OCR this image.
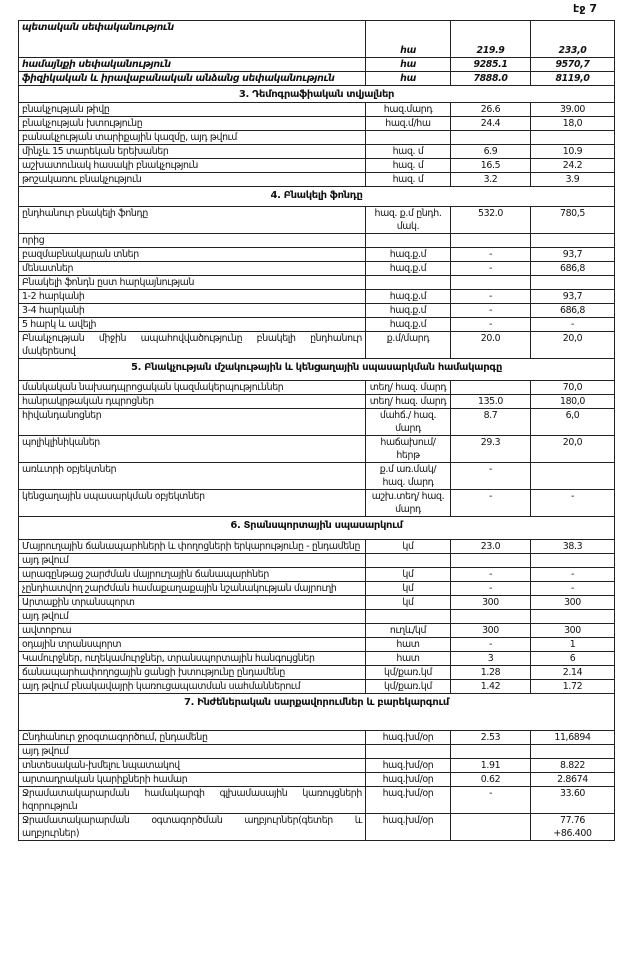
էջ 7
պետական սեփականություն	հա	219.9	233,0
համայնքի սեփականություն	հա	9285.1	9570,7
ֆիզիկական և իրավաբանական անձանց սեփականություն	հա	7888.0	8119,0
3. Դեմոգրաֆիական տվյալներ			
բնակչության թիվը	հազ.մարդ	26.6	39.00
բնակչության խտությունը	հազ.մ/հա	24.4	18,0
բանակչության տարիքային կազմը, այդ թվում			
մինչև 15 տարեկան երեխաներ	հազ. մ	6.9	10.9
աշխատունակ հասակի բնակչություն	հազ. մ	16.5	24.2
թոշակառու բնակչություն	հազ. մ	3.2	3.9
4. Բնակելի ֆոնդը			
ընդհանուր բնակելի ֆոնդը	հազ. ք.մ ընդհ. մակ.	532.0	780,5
որից			
բազմաբնակարան տներ	հազ.ք.մ	-	93,7
մենատներ	հազ.ք.մ	-	686,8
Բնակելի ֆոնդն ըստ հարկայնության			
1-2 հարկանի	հազ.ք.մ	-	93,7
3-4 հարկանի	հազ.ք.մ	-	686,8
5 հարկ և ավելի	հազ.ք.մ	-	-
Բնակչության միջին ապահովվածությունը բնակելի ընդհանուր մակերեսով	ք.մ/մարդ	20.0	20,0
5. Բնակչության մշակութային և կենցաղային սպասարկման համակարգը			
մանկական նախադպրոցական կազմակերպություններ	տեղ/ հազ. մարդ		70,0
հանրակրթական դպրոցներ	տեղ/ հազ. մարդ	135.0	180,0
հիվանդանոցներ	մահճ./ հազ. մարդ	8.7	6,0
պոլիկլինիկաներ	հաճախում/ հերթ	29.3	20,0
առևտրի օբյեկտներ	ք.մ առ.մակ/ հազ. մարդ	-	
կենցաղային սպասարկման օբյեկտներ	աշխ.տեղ/ հազ. մարդ	-	-
6. Տրանսպորտային սպասարկում			
Մայրուղային ճանապարհների և փողոցների երկարությունը - ընդամենը	կմ	23.0	38.3
այդ թվում			
արագընթաց շարժման մայրուղային ճանապարհներ	կմ	-	-
չընդհատվող շարժման համաքաղաքային նշանակության մայրուղի	կմ	-	-
Արտաքին տրանսպորտ	կմ	300	300
այդ թվում			
ավտոբուս	ուղև/կմ	300	300
օդային տրանսպորտ	հատ	-	1
Կամուրջներ, ուղեկամուրջներ, տրանսպորտային հանգույցներ	հատ	3	6
ճանապարհափողոցային ցանցի խտությունը ընդամենը	կմ/քառ.կմ	1.28	2.14
այդ թվում բնակավայրի կառուցապատման սահմաններում	կմ/քառ.կմ	1.42	1.72
7. Ինժեներական սարքավորումներ և բարեկարգում			
Ընդհանուր ջրօգտագործում, ընդամենը	հազ.խմ/օր	2.53	11,6894
այդ թվում			
տնտեսական-խմելու նպատակով	հազ.խմ/օր	1.91	8.822
արտադրական կարիքների համար	հազ.խմ/օր	0.62	2.8674
Ջրամատակարարման համակարգի գլխամասային կառույցների հզորություն	հազ.խմ/օր	-	33.60
Ջրամատակարարման օգտագործման աղբյուրներ(գետեր և աղբյուրներ)	հազ.խմ/օր		77.76
+86.400
